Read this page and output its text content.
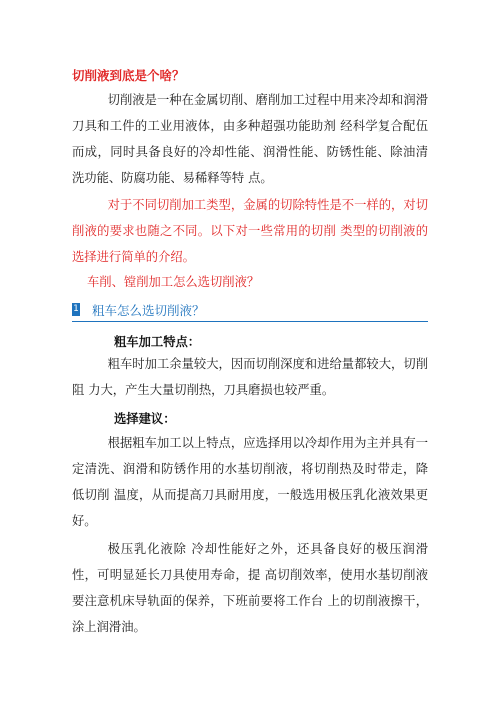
切削液到底是个啥？
切削液是一种在金属切削、磨削加工过程中用来冷却和润滑刀具和工件的工业用液体，由多种超强功能助剂 经科学复合配伍而成，同时具备良好的冷却性能、润滑性能、防锈性能、除油清洗功能、防腐功能、易稀释等特 点。
对于不同切削加工类型，金属的切除特性是不一样的，对切削液的要求也随之不同。以下对一些常用的切削 类型的切削液的选择进行简单的介绍。
车削、镗削加工怎么选切削液？
1 粗车怎么选切削液？
粗车加工特点：
粗车时加工余量较大，因而切削深度和进给量都较大，切削阻 力大，产生大量切削热，刀具磨损也较严重。
选择建议：
根据粗车加工以上特点，应选择用以冷却作用为主并具有一定清洗、润滑和防锈作用的水基切削液，将切削热及时带走，降低切削 温度，从而提高刀具耐用度，一般选用极压乳化液效果更好。
极压乳化液除 冷却性能好之外，还具备良好的极压润滑性，可明显延长刀具使用寿命，提 高切削效率，使用水基切削液要注意机床导轨面的保养，下班前要将工作台 上的切削液擦干，涂上润滑油。
